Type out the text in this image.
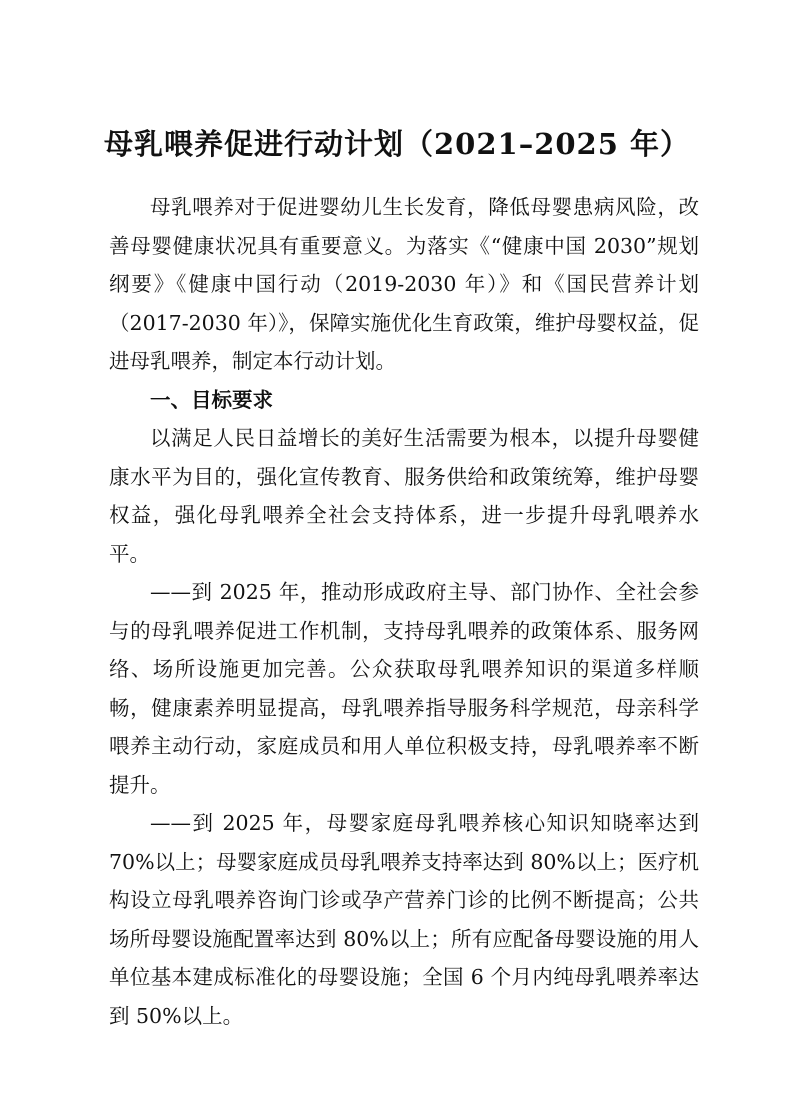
母乳喂养促进行动计划（2021–2025 年）

母乳喂养对于促进婴幼儿生长发育，降低母婴患病风险，改善母婴健康状况具有重要意义。为落实《“健康中国 2030”规划纲要》《健康中国行动（2019-2030 年）》和《国民营养计划（2017-2030 年）》，保障实施优化生育政策，维护母婴权益，促进母乳喂养，制定本行动计划。

一、目标要求

以满足人民日益增长的美好生活需要为根本，以提升母婴健康水平为目的，强化宣传教育、服务供给和政策统筹，维护母婴权益，强化母乳喂养全社会支持体系，进一步提升母乳喂养水平。

——到 2025 年，推动形成政府主导、部门协作、全社会参与的母乳喂养促进工作机制，支持母乳喂养的政策体系、服务网络、场所设施更加完善。公众获取母乳喂养知识的渠道多样顺畅，健康素养明显提高，母乳喂养指导服务科学规范，母亲科学喂养主动行动，家庭成员和用人单位积极支持，母乳喂养率不断提升。

——到 2025 年，母婴家庭母乳喂养核心知识知晓率达到 70%以上；母婴家庭成员母乳喂养支持率达到 80%以上；医疗机构设立母乳喂养咨询门诊或孕产营养门诊的比例不断提高；公共场所母婴设施配置率达到 80%以上；所有应配备母婴设施的用人单位基本建成标准化的母婴设施；全国 6 个月内纯母乳喂养率达到 50%以上。
